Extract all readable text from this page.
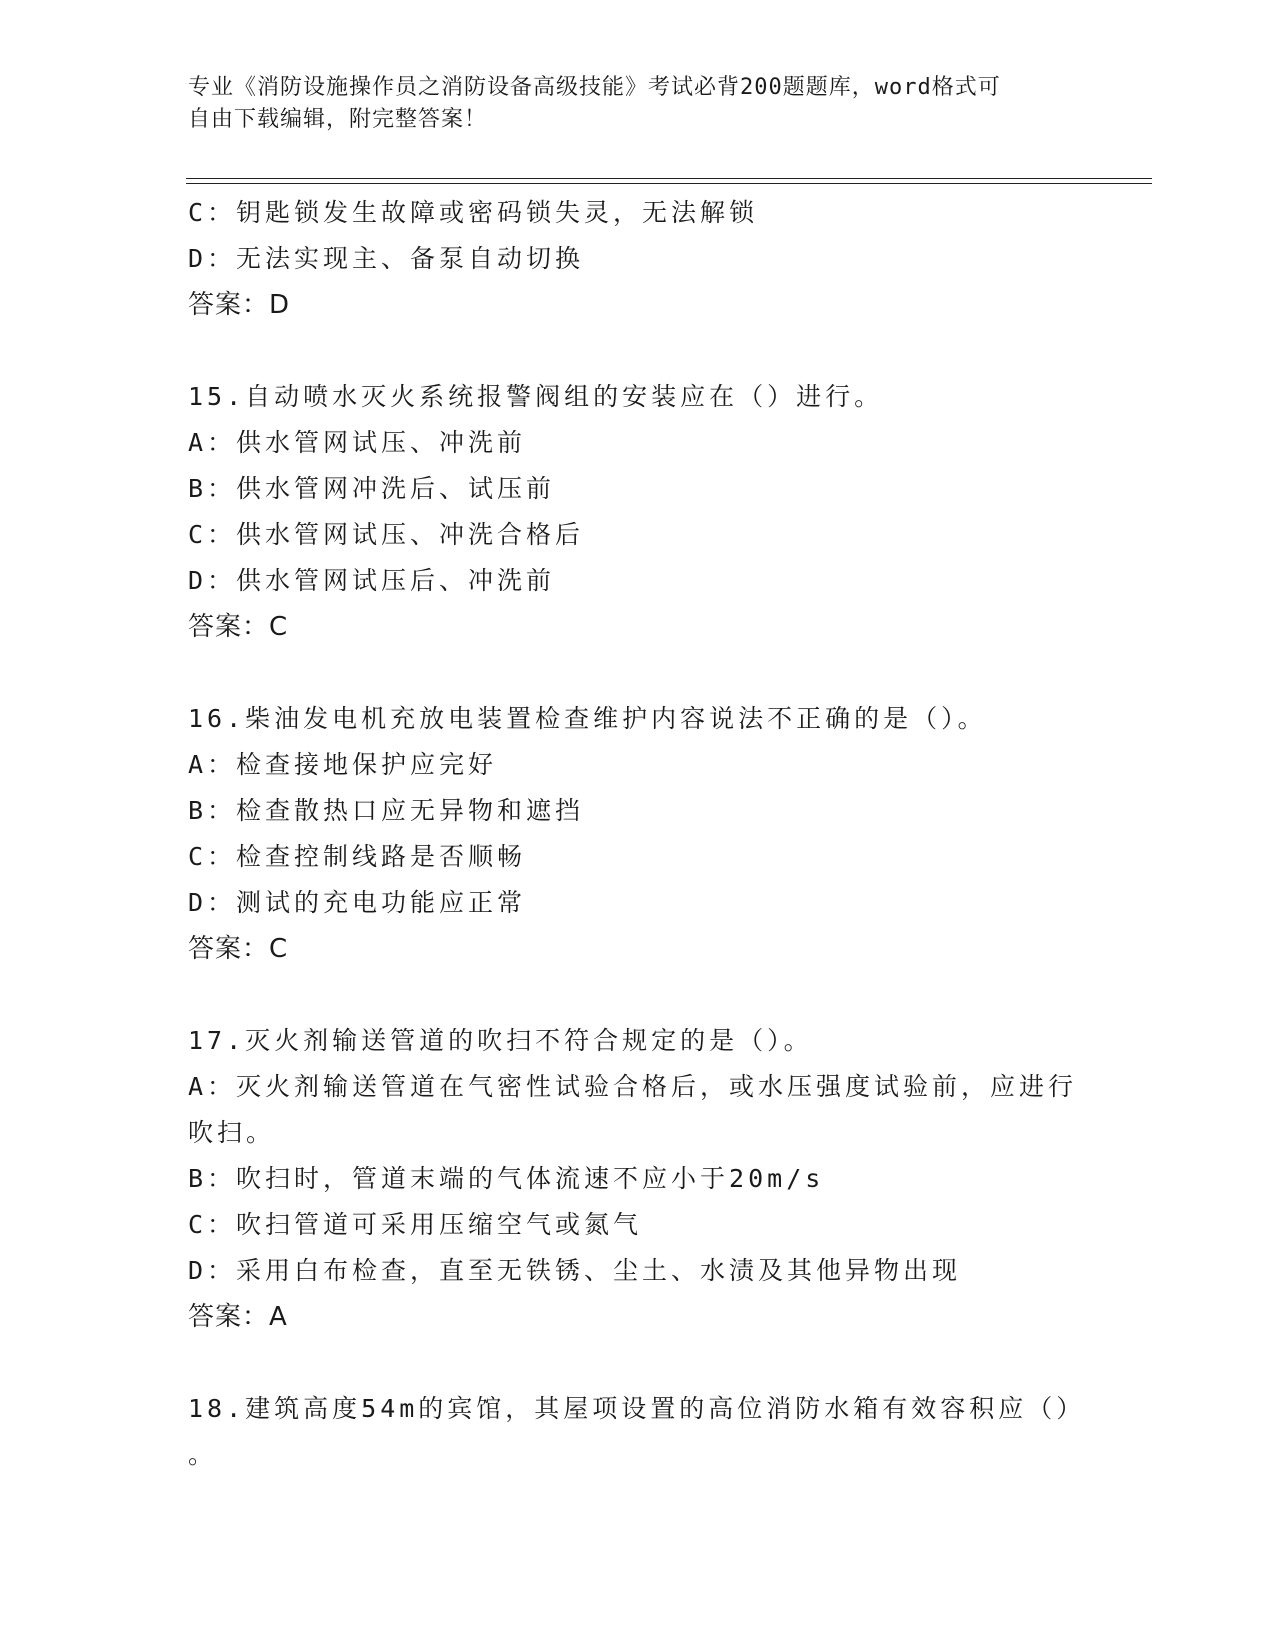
专业《消防设施操作员之消防设备高级技能》考试必背200题题库，word格式可
自由下载编辑，附完整答案！
C：钥匙锁发生故障或密码锁失灵，无法解锁
D：无法实现主、备泵自动切换
答案：D
15.自动喷水灭火系统报警阀组的安装应在（）进行。
A：供水管网试压、冲洗前
B：供水管网冲洗后、试压前
C：供水管网试压、冲洗合格后
D：供水管网试压后、冲洗前
答案：C
16.柴油发电机充放电装置检查维护内容说法不正确的是（）。
A：检查接地保护应完好
B：检查散热口应无异物和遮挡
C：检查控制线路是否顺畅
D：测试的充电功能应正常
答案：C
17.灭火剂输送管道的吹扫不符合规定的是（）。
A：灭火剂输送管道在气密性试验合格后，或水压强度试验前，应进行
吹扫。
B：吹扫时，管道末端的气体流速不应小于20m/s
C：吹扫管道可采用压缩空气或氮气
D：采用白布检查，直至无铁锈、尘土、水渍及其他异物出现
答案：A
18.建筑高度54m的宾馆，其屋项设置的高位消防水箱有效容积应（）
。
